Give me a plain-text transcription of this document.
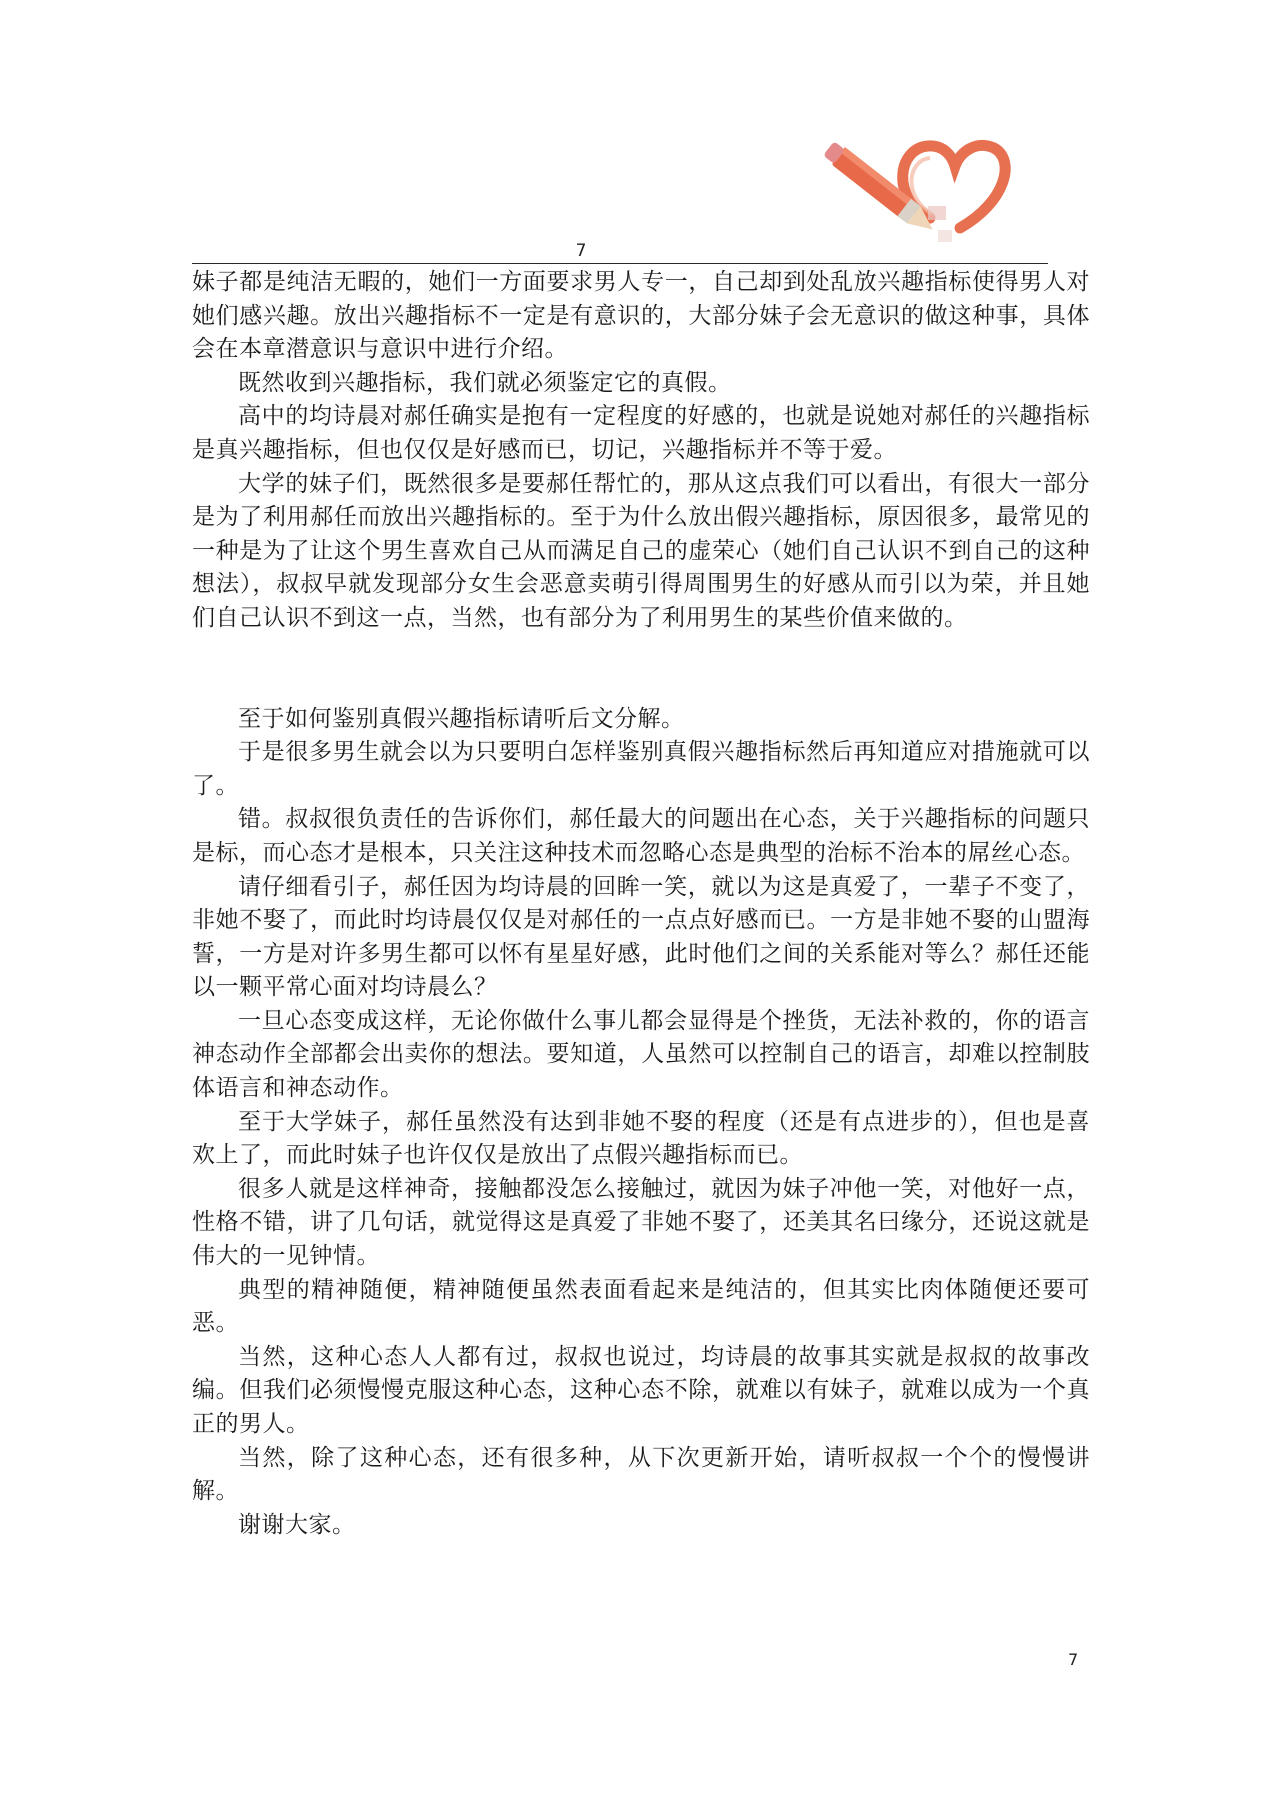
7

妹子都是纯洁无暇的，她们一方面要求男人专一，自己却到处乱放兴趣指标使得男人对她们感兴趣。放出兴趣指标不一定是有意识的，大部分妹子会无意识的做这种事，具体会在本章潜意识与意识中进行介绍。

既然收到兴趣指标，我们就必须鉴定它的真假。

高中的均诗晨对郝任确实是抱有一定程度的好感的，也就是说她对郝任的兴趣指标是真兴趣指标，但也仅仅是好感而已，切记，兴趣指标并不等于爱。

大学的妹子们，既然很多是要郝任帮忙的，那从这点我们可以看出，有很大一部分是为了利用郝任而放出兴趣指标的。至于为什么放出假兴趣指标，原因很多，最常见的一种是为了让这个男生喜欢自己从而满足自己的虚荣心（她们自己认识不到自己的这种想法），叔叔早就发现部分女生会恶意卖萌引得周围男生的好感从而引以为荣，并且她们自己认识不到这一点，当然，也有部分为了利用男生的某些价值来做的。

至于如何鉴别真假兴趣指标请听后文分解。

于是很多男生就会以为只要明白怎样鉴别真假兴趣指标然后再知道应对措施就可以了。

错。叔叔很负责任的告诉你们，郝任最大的问题出在心态，关于兴趣指标的问题只是标，而心态才是根本，只关注这种技术而忽略心态是典型的治标不治本的屌丝心态。

请仔细看引子，郝任因为均诗晨的回眸一笑，就以为这是真爱了，一辈子不变了，非她不娶了，而此时均诗晨仅仅是对郝任的一点点好感而已。一方是非她不娶的山盟海誓，一方是对许多男生都可以怀有星星好感，此时他们之间的关系能对等么？郝任还能以一颗平常心面对均诗晨么？

一旦心态变成这样，无论你做什么事儿都会显得是个挫货，无法补救的，你的语言神态动作全部都会出卖你的想法。要知道，人虽然可以控制自己的语言，却难以控制肢体语言和神态动作。

至于大学妹子，郝任虽然没有达到非她不娶的程度（还是有点进步的），但也是喜欢上了，而此时妹子也许仅仅是放出了点假兴趣指标而已。

很多人就是这样神奇，接触都没怎么接触过，就因为妹子冲他一笑，对他好一点，性格不错，讲了几句话，就觉得这是真爱了非她不娶了，还美其名曰缘分，还说这就是伟大的一见钟情。

典型的精神随便，精神随便虽然表面看起来是纯洁的，但其实比肉体随便还要可恶。

当然，这种心态人人都有过，叔叔也说过，均诗晨的故事其实就是叔叔的故事改编。但我们必须慢慢克服这种心态，这种心态不除，就难以有妹子，就难以成为一个真正的男人。

当然，除了这种心态，还有很多种，从下次更新开始，请听叔叔一个个的慢慢讲解。

谢谢大家。

7
